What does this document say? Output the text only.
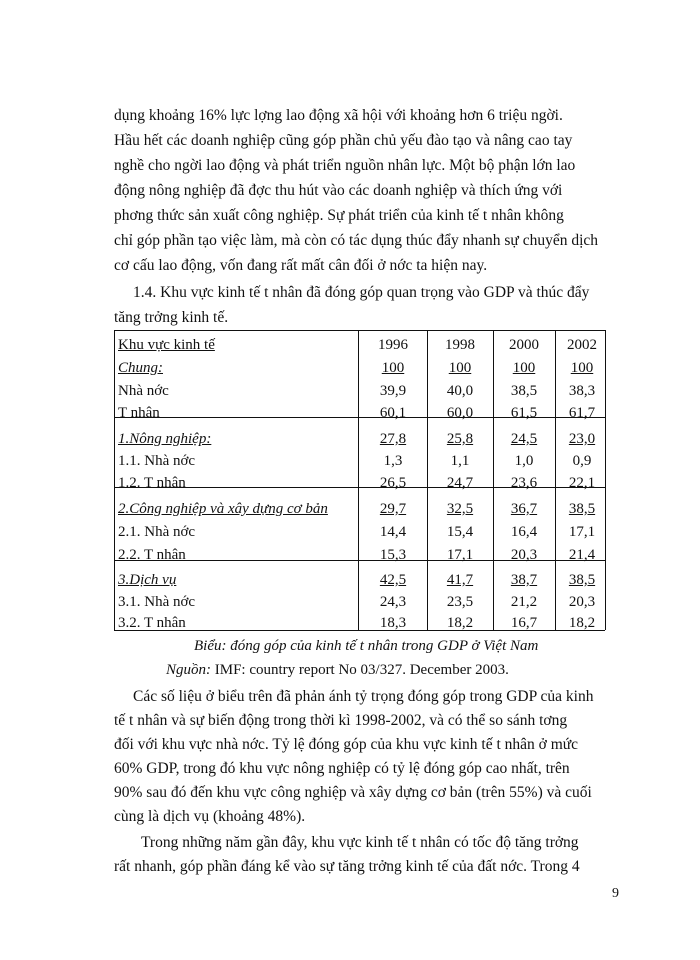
dụng khoảng 16% lực lợng lao động xã hội với khoảng hơn 6 triệu ngời.
Hầu hết các doanh nghiệp cũng góp phần chủ yếu đào tạo và nâng cao tay
nghề cho ngời lao động và phát triển nguồn nhân lực. Một bộ phận lớn lao
động nông nghiệp đã đợc thu hút vào các doanh nghiệp và thích ứng với
phơng thức sản xuất công nghiệp. Sự phát triển của kinh tế t nhân không
chỉ góp phần tạo việc làm, mà còn có tác dụng thúc đẩy nhanh sự chuyển dịch
cơ cấu lao động, vốn đang rất mất cân đối ở nớc ta hiện nay.
1.4. Khu vực kinh tế t nhân đã đóng góp quan trọng vào GDP và thúc đẩy
tăng trởng kinh tế.
Khu vực kinh tế	1996	1998	2000	2002
Chung:	100	100	100	100
Nhà nớc	39,9	40,0	38,5	38,3
T nhân	60,1	60,0	61,5	61,7
1.Nông nghiệp:	27,8	25,8	24,5	23,0
1.1. Nhà nớc	1,3	1,1	1,0	0,9
1.2. T nhân	26,5	24,7	23,6	22,1
2.Công nghiệp và xây dựng cơ bản	29,7	32,5	36,7	38,5
2.1. Nhà nớc	14,4	15,4	16,4	17,1
2.2. T nhân	15,3	17,1	20,3	21,4
3.Dịch vụ	42,5	41,7	38,7	38,5
3.1. Nhà nớc	24,3	23,5	21,2	20,3
3.2. T nhân	18,3	18,2	16,7	18,2
Biểu: đóng góp của kinh tế t nhân trong GDP ở Việt Nam
Nguồn: IMF: country report No 03/327. December 2003.
Các số liệu ở biểu trên đã phản ánh tỷ trọng đóng góp trong GDP của kinh
tế t nhân và sự biến động trong thời kì 1998-2002, và có thể so sánh tơng
đối với khu vực nhà nớc. Tỷ lệ đóng góp của khu vực kinh tế t nhân ở mức
60% GDP, trong đó khu vực nông nghiệp có tỷ lệ đóng góp cao nhất, trên
90% sau đó đến khu vực công nghiệp và xây dựng cơ bản (trên 55%) và cuối
cùng là dịch vụ (khoảng 48%).
Trong những năm gần đây, khu vực kinh tế t nhân có tốc độ tăng trởng
rất nhanh, góp phần đáng kể vào sự tăng trởng kinh tế của đất nớc. Trong 4
9
